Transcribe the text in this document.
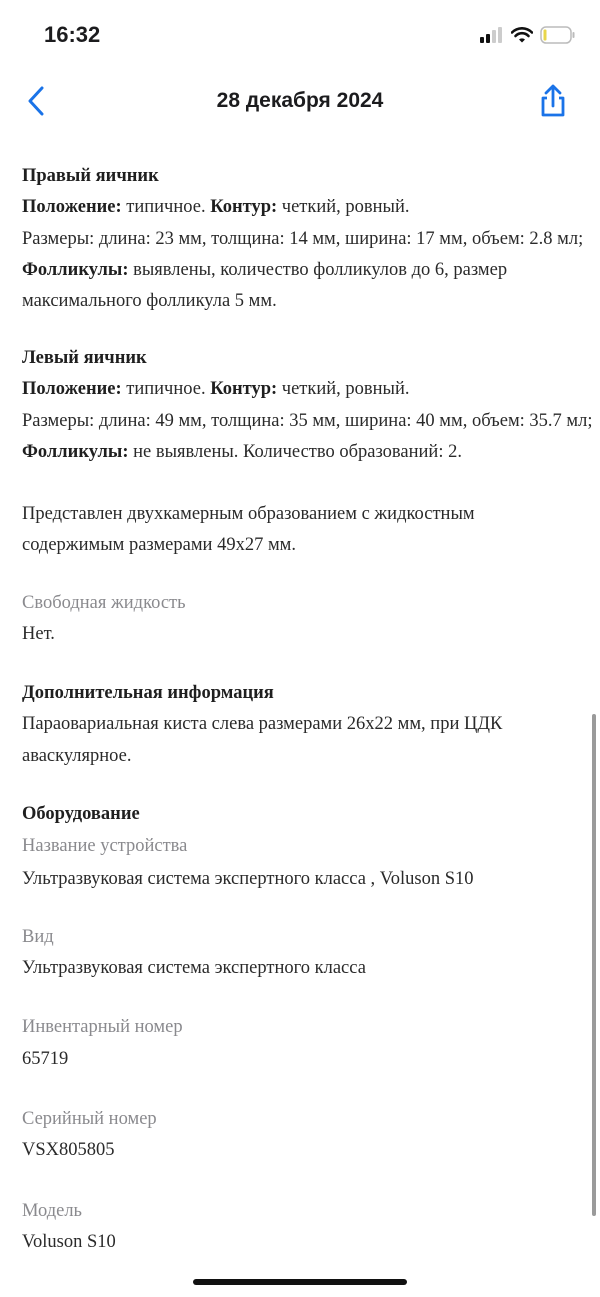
16:32
28 декабря 2024
Правый яичник
Положение: типичное. Контур: четкий, ровный.
Размеры: длина: 23 мм, толщина: 14 мм, ширина: 17 мм, объем: 2.8 мл; Фолликулы: выявлены, количество фолликулов до 6, размер максимального фолликула 5 мм.
Левый яичник
Положение: типичное. Контур: четкий, ровный.
Размеры: длина: 49 мм, толщина: 35 мм, ширина: 40 мм, объем: 35.7 мл; Фолликулы: не выявлены. Количество образований: 2.
Представлен двухкамерным образованием с жидкостным содержимым размерами 49x27 мм.
Свободная жидкость
Нет.
Дополнительная информация
Параовариальная киста слева размерами 26x22 мм, при ЦДК аваскулярное.
Оборудование
Название устройства
Ультразвуковая система экспертного класса , Voluson S10
Вид
Ультразвуковая система экспертного класса
Инвентарный номер
65719
Серийный номер
VSX805805
Модель
Voluson S10
